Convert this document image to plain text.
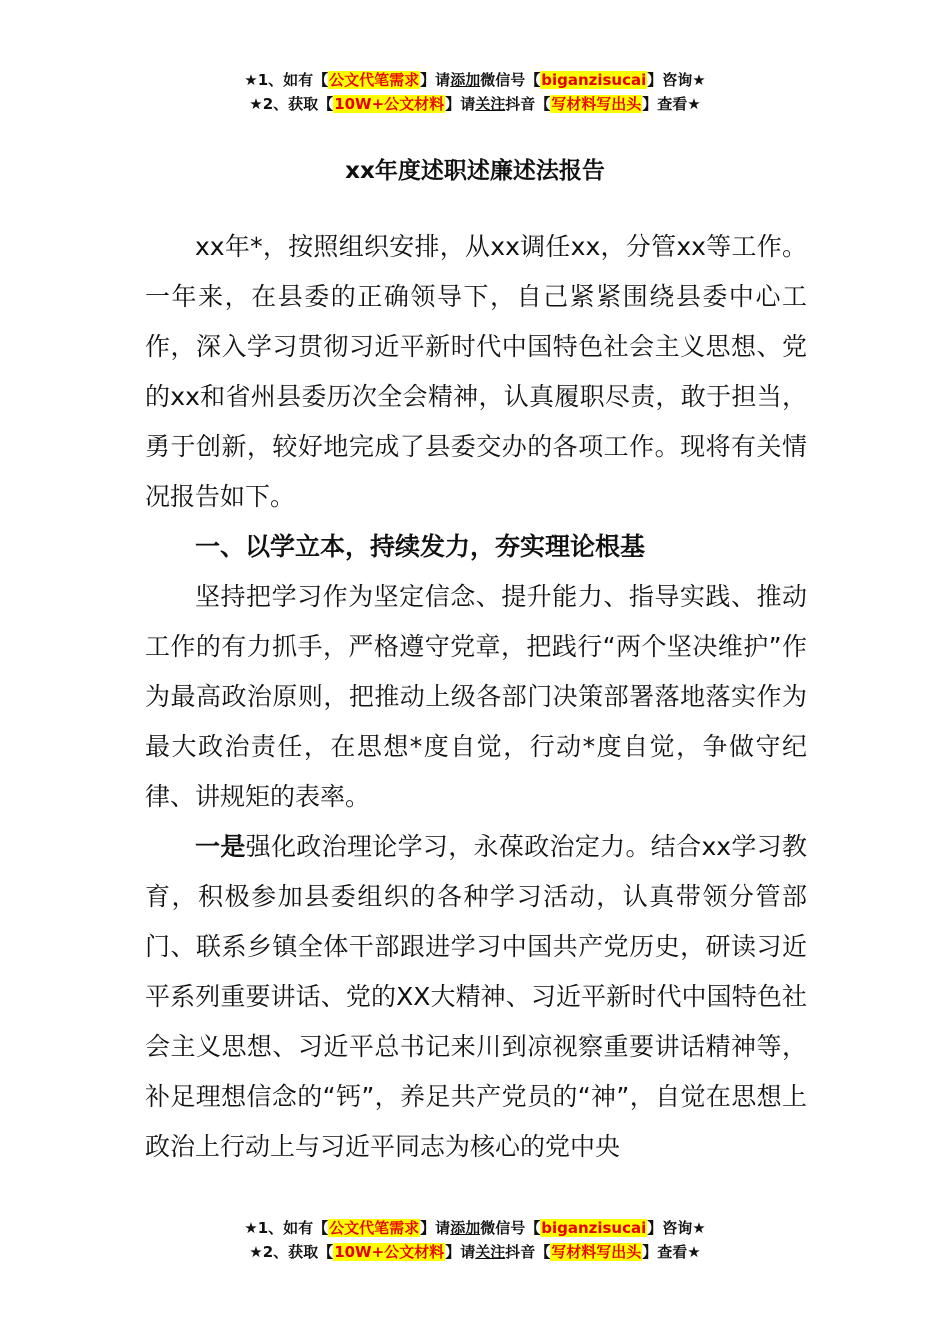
★1、如有【公文代笔需求】请添加微信号【biganzisucai】咨询★
★2、获取【10W+公文材料】请关注抖音【写材料写出头】查看★
xx年度述职述廉述法报告

xx年*，按照组织安排，从xx调任xx，分管xx等工作。一年来，在县委的正确领导下，自己紧紧围绕县委中心工作，深入学习贯彻习近平新时代中国特色社会主义思想、党的xx和省州县委历次全会精神，认真履职尽责，敢于担当，勇于创新，较好地完成了县委交办的各项工作。现将有关情况报告如下。

一、以学立本，持续发力，夯实理论根基

坚持把学习作为坚定信念、提升能力、指导实践、推动工作的有力抓手，严格遵守党章，把践行“两个坚决维护”作为最高政治原则，把推动上级各部门决策部署落地落实作为最大政治责任，在思想*度自觉，行动*度自觉，争做守纪律、讲规矩的表率。

一是强化政治理论学习，永葆政治定力。结合xx学习教育，积极参加县委组织的各种学习活动，认真带领分管部门、联系乡镇全体干部跟进学习中国共产党历史，研读习近平系列重要讲话、党的XX大精神、习近平新时代中国特色社会主义思想、习近平总书记来川到凉视察重要讲话精神等，补足理想信念的“钙”，养足共产党员的“神”，自觉在思想上政治上行动上与习近平同志为核心的党中央

★1、如有【公文代笔需求】请添加微信号【biganzisucai】咨询★
★2、获取【10W+公文材料】请关注抖音【写材料写出头】查看★
